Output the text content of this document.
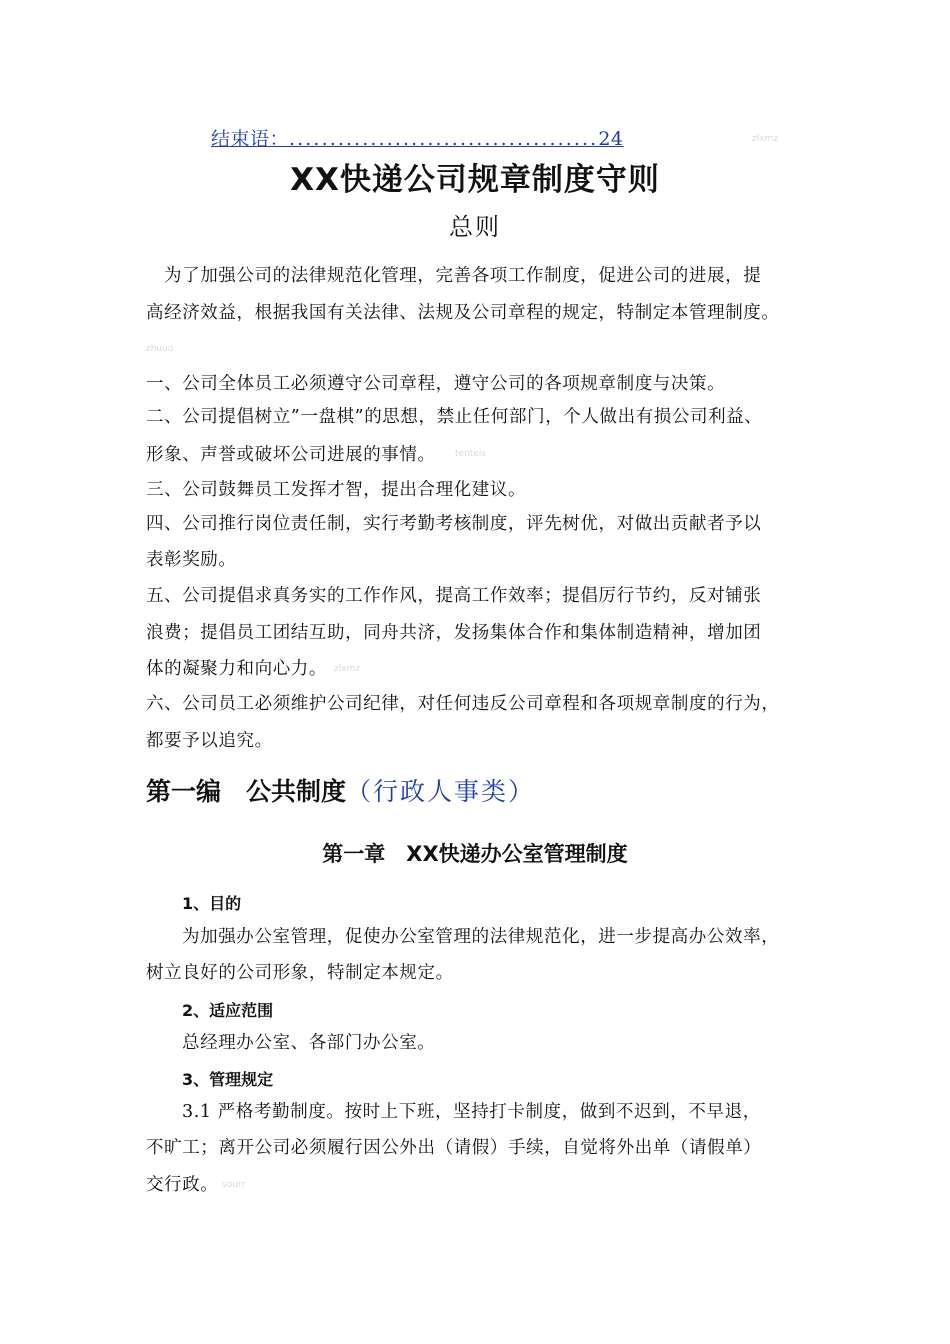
结束语：......................................24	zlxmz
XX快递公司规章制度守则
总则
为了加强公司的法律规范化管理，完善各项工作制度，促进公司的进展，提
高经济效益，根据我国有关法律、法规及公司章程的规定，特制定本管理制度。
zhuuo
一、公司全体员工必须遵守公司章程，遵守公司的各项规章制度与决策。
二、公司提倡树立”一盘棋”的思想，禁止任何部门，个人做出有损公司利益、
形象、声誉或破坏公司进展的事情。 tenteis
三、公司鼓舞员工发挥才智，提出合理化建议。
四、公司推行岗位责任制，实行考勤考核制度，评先树优，对做出贡献者予以
表彰奖励。
五、公司提倡求真务实的工作作风，提高工作效率；提倡厉行节约，反对铺张
浪费；提倡员工团结互助，同舟共济，发扬集体合作和集体制造精神，增加团
体的凝聚力和向心力。 zlxmz
六、公司员工必须维护公司纪律，对任何违反公司章程和各项规章制度的行为，
都要予以追究。
第一编　公共制度（行政人事类）
第一章　XX快递办公室管理制度
1、目的
为加强办公室管理，促使办公室管理的法律规范化，进一步提高办公效率，
树立良好的公司形象，特制定本规定。
2、适应范围
总经理办公室、各部门办公室。
3、管理规定
3.1 严格考勤制度。按时上下班，坚持打卡制度，做到不迟到，不早退，
不旷工；离开公司必须履行因公外出（请假）手续，自觉将外出单（请假单）
交行政。 sourr
